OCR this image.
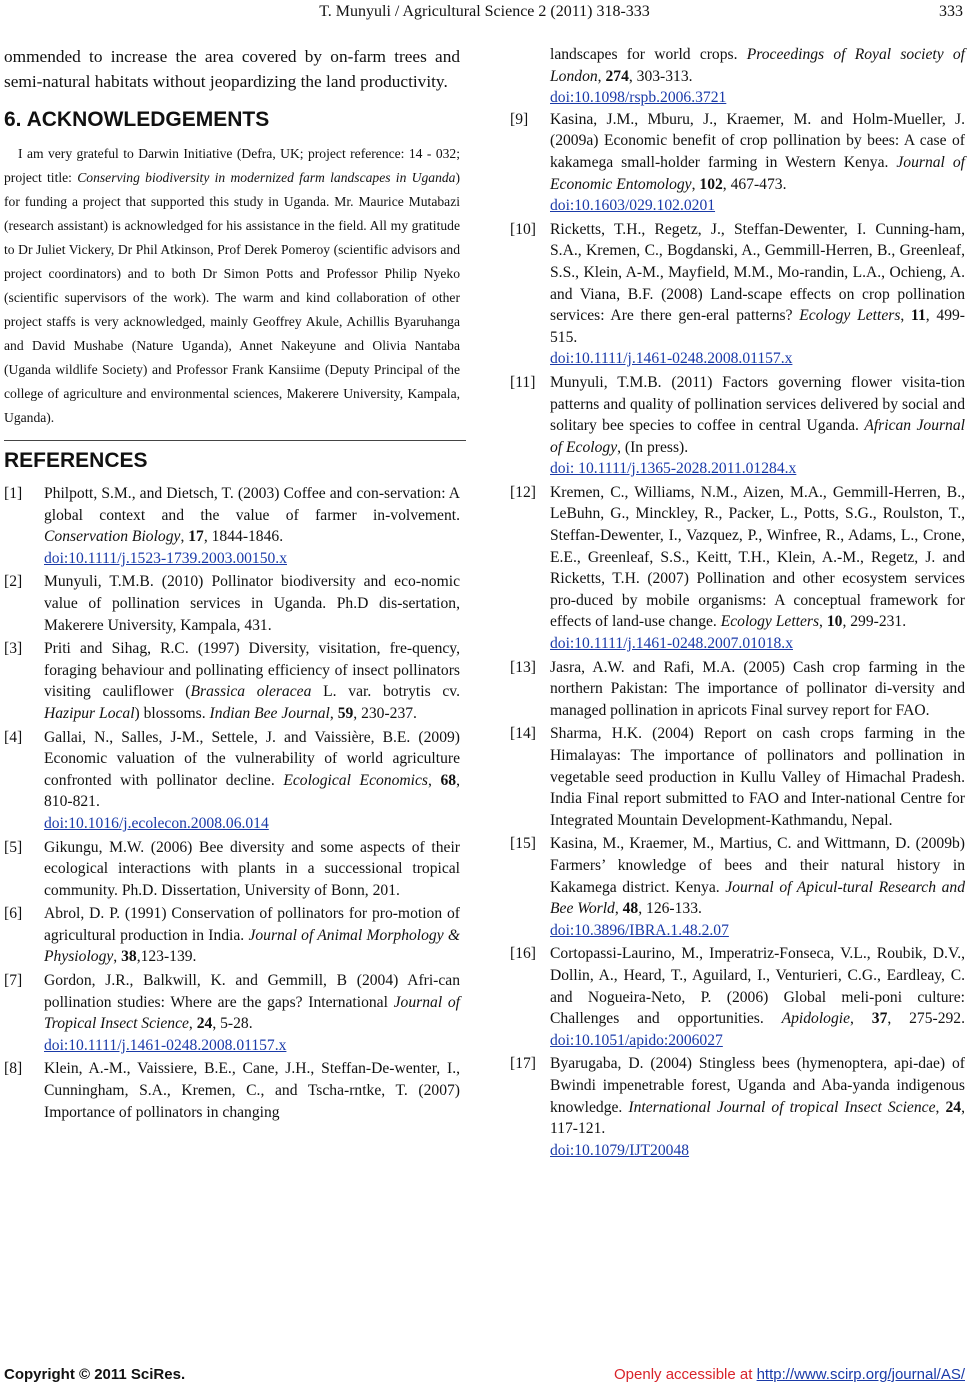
T. Munyuli / Agricultural Science 2 (2011) 318-333	333

ommended to increase the area covered by on-farm trees and semi-natural habitats without jeopardizing the land productivity.

6. ACKNOWLEDGEMENTS

I am very grateful to Darwin Initiative (Defra, UK; project reference: 14 - 032; project title: Conserving biodiversity in modernized farm landscapes in Uganda) for funding a project that supported this study in Uganda. Mr. Maurice Mutabazi (research assistant) is acknowledged for his assistance in the field. All my gratitude to Dr Juliet Vickery, Dr Phil Atkinson, Prof Derek Pomeroy (scientific advisors and project coordinators) and to both Dr Simon Potts and Professor Philip Nyeko (scientific supervisors of the work). The warm and kind collaboration of other project staffs is very acknowledged, mainly Geoffrey Akule, Achillis Byaruhanga and David Mushabe (Nature Uganda), Annet Nakeyune and Olivia Nantaba (Uganda wildlife Society) and Professor Frank Kansiime (Deputy Principal of the college of agriculture and environmental sciences, Makerere University, Kampala, Uganda).

REFERENCES
[1]	Philpott, S.M., and Dietsch, T. (2003) Coffee and con-servation: A global context and the value of farmer in-volvement. Conservation Biology, 17, 1844-1846.
doi:10.1111/j.1523-1739.2003.00150.x
[2]	Munyuli, T.M.B. (2010) Pollinator biodiversity and eco-nomic value of pollination services in Uganda. Ph.D dis-sertation, Makerere University, Kampala, 431.
[3]	Priti and Sihag, R.C. (1997) Diversity, visitation, fre-quency, foraging behaviour and pollinating efficiency of insect pollinators visiting cauliflower (Brassica oleracea L. var. botrytis cv. Hazipur Local) blossoms. Indian Bee Journal, 59, 230-237.
[4]	Gallai, N., Salles, J-M., Settele, J. and Vaissière, B.E. (2009) Economic valuation of the vulnerability of world agriculture confronted with pollinator decline. Ecological Economics, 68, 810-821.
doi:10.1016/j.ecolecon.2008.06.014
[5]	Gikungu, M.W. (2006) Bee diversity and some aspects of their ecological interactions with plants in a successional tropical community. Ph.D. Dissertation, University of Bonn, 201.
[6]	Abrol, D. P. (1991) Conservation of pollinators for pro-motion of agricultural production in India. Journal of Animal Morphology & Physiology, 38,123-139.
[7]	Gordon, J.R., Balkwill, K. and Gemmill, B (2004) Afri-can pollination studies: Where are the gaps? International Journal of Tropical Insect Science, 24, 5-28.
doi:10.1111/j.1461-0248.2008.01157.x
[8]	Klein, A.-M., Vaissiere, B.E., Cane, J.H., Steffan-De-wenter, I., Cunningham, S.A., Kremen, C., and Tscha-rntke, T. (2007) Importance of pollinators in changing
landscapes for world crops. Proceedings of Royal society of London, 274, 303-313.
doi:10.1098/rspb.2006.3721
[9]	Kasina, J.M., Mburu, J., Kraemer, M. and Holm-Mueller, J. (2009a) Economic benefit of crop pollination by bees: A case of kakamega small-holder farming in Western Kenya. Journal of Economic Entomology, 102, 467-473.
doi:10.1603/029.102.0201
[10] Ricketts, T.H., Regetz, J., Steffan-Dewenter, I. Cunning-ham, S.A., Kremen, C., Bogdanski, A., Gemmill-Herren, B., Greenleaf, S.S., Klein, A-M., Mayfield, M.M., Mo-randin, L.A., Ochieng, A. and Viana, B.F. (2008) Land-scape effects on crop pollination services: Are there gen-eral patterns? Ecology Letters, 11, 499-515.
doi:10.1111/j.1461-0248.2008.01157.x
[11] Munyuli, T.M.B. (2011) Factors governing flower visita-tion patterns and quality of pollination services delivered by social and solitary bee species to coffee in central Uganda. African Journal of Ecology, (In press).
doi: 10.1111/j.1365-2028.2011.01284.x
[12] Kremen, C., Williams, N.M., Aizen, M.A., Gemmill-Herren, B., LeBuhn, G., Minckley, R., Packer, L., Potts, S.G., Roulston, T., Steffan-Dewenter, I., Vazquez, P., Winfree, R., Adams, L., Crone, E.E., Greenleaf, S.S., Keitt, T.H., Klein, A.-M., Regetz, J. and Ricketts, T.H. (2007) Pollination and other ecosystem services pro-duced by mobile organisms: A conceptual framework for effects of land-use change. Ecology Letters, 10, 299-231.
doi:10.1111/j.1461-0248.2007.01018.x
[13] Jasra, A.W. and Rafi, M.A. (2005) Cash crop farming in the northern Pakistan: The importance of pollinator di-versity and managed pollination in apricots Final survey report for FAO.
[14] Sharma, H.K. (2004) Report on cash crops farming in the Himalayas: The importance of pollinators and pollination in vegetable seed production in Kullu Valley of Himachal Pradesh. India Final report submitted to FAO and Inter-national Centre for Integrated Mountain Development-Kathmandu, Nepal.
[15] Kasina, M., Kraemer, M., Martius, C. and Wittmann, D. (2009b) Farmers’ knowledge of bees and their natural history in Kakamega district. Kenya. Journal of Apicul-tural Research and Bee World, 48, 126-133.
doi:10.3896/IBRA.1.48.2.07
[16] Cortopassi-Laurino, M., Imperatriz-Fonseca, V.L., Roubik, D.V., Dollin, A., Heard, T., Aguilard, I., Venturieri, C.G., Eardleay, C. and Nogueira-Neto, P. (2006) Global meli-poni culture: Challenges and opportunities. Apidologie, 37, 275-292. doi:10.1051/apido:2006027
[17] Byarugaba, D. (2004) Stingless bees (hymenoptera, api-dae) of Bwindi impenetrable forest, Uganda and Aba-yanda indigenous knowledge. International Journal of tropical Insect Science, 24, 117-121.
doi:10.1079/IJT20048
Copyright © 2011 SciRes.	Openly accessible at http://www.scirp.org/journal/AS/
